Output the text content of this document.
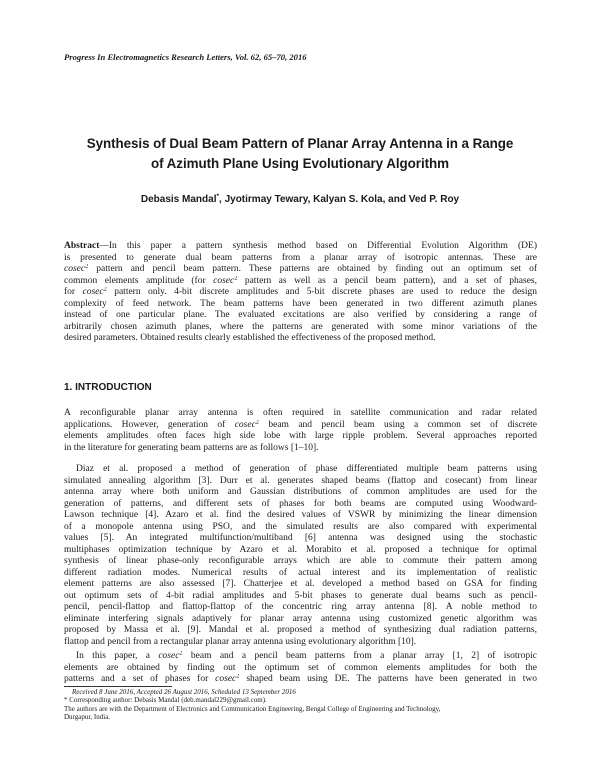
Progress In Electromagnetics Research Letters, Vol. 62, 65–70, 2016
Synthesis of Dual Beam Pattern of Planar Array Antenna in a Range
of Azimuth Plane Using Evolutionary Algorithm
Debasis Mandal*, Jyotirmay Tewary, Kalyan S. Kola, and Ved P. Roy
Abstract—In this paper a pattern synthesis method based on Differential Evolution Algorithm (DE)
is presented to generate dual beam patterns from a planar array of isotropic antennas. These are
cosec$^2$ pattern and pencil beam pattern. These patterns are obtained by finding out an optimum set of
common elements amplitude (for cosec$^2$ pattern as well as a pencil beam pattern), and a set of phases,
for cosec$^2$ pattern only. 4-bit discrete amplitudes and 5-bit discrete phases are used to reduce the design
complexity of feed network. The beam patterns have been generated in two different azimuth planes
instead of one particular plane. The evaluated excitations are also verified by considering a range of
arbitrarily chosen azimuth planes, where the patterns are generated with some minor variations of the
desired parameters. Obtained results clearly established the effectiveness of the proposed method.
1. INTRODUCTION
A reconfigurable planar array antenna is often required in satellite communication and radar related
applications. However, generation of cosec$^2$ beam and pencil beam using a common set of discrete
elements amplitudes often faces high side lobe with large ripple problem. Several approaches reported
in the literature for generating beam patterns are as follows [1–10].
Diaz et al. proposed a method of generation of phase differentiated multiple beam patterns using
simulated annealing algorithm [3]. Durr et al. generates shaped beams (flattop and cosecant) from linear
antenna array where both uniform and Gaussian distributions of common amplitudes are used for the
generation of patterns, and different sets of phases for both beams are computed using Woodward-
Lawson technique [4]. Azaro et al. find the desired values of VSWR by minimizing the linear dimension
of a monopole antenna using PSO, and the simulated results are also compared with experimental
values [5]. An integrated multifunction/multiband [6] antenna was designed using the stochastic
multiphases optimization technique by Azaro et al. Morabito et al. proposed a technique for optimal
synthesis of linear phase-only reconfigurable arrays which are able to commute their pattern among
different radiation modes. Numerical results of actual interest and its implementation of realistic
element patterns are also assessed [7]. Chatterjee et al. developed a method based on GSA for finding
out optimum sets of 4-bit radial amplitudes and 5-bit phases to generate dual beams such as pencil-
pencil, pencil-flattop and flattop-flattop of the concentric ring array antenna [8]. A noble method to
eliminate interfering signals adaptively for planar array antenna using customized genetic algorithm was
proposed by Massa et al. [9]. Mandal et al. proposed a method of synthesizing dual radiation patterns,
flattop and pencil from a rectangular planar array antenna using evolutionary algorithm [10].
In this paper, a cosec$^2$ beam and a pencil beam patterns from a planar array [1, 2] of isotropic
elements are obtained by finding out the optimum set of common elements amplitudes for both the
patterns and a set of phases for cosec$^2$ shaped beam using DE. The patterns have been generated in two
Received 8 June 2016, Accepted 26 August 2016, Scheduled 13 September 2016
* Corresponding author: Debasis Mandal (deb.mandal229@gmail.com).
The authors are with the Department of Electronics and Communication Engineering, Bengal College of Engineering and Technology,
Durgapur, India.
